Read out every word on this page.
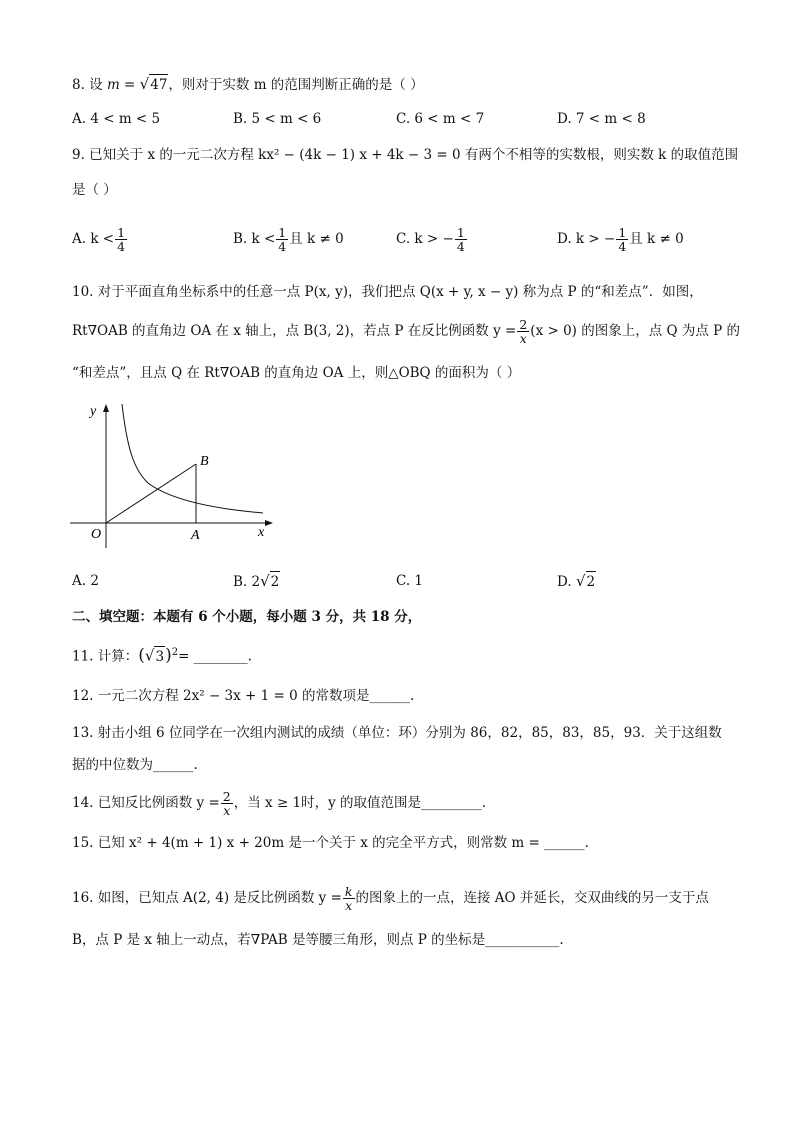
8. 设 m = √47，则对于实数 m 的范围判断正确的是（ ）
A. 4 < m < 5	B. 5 < m < 6	C. 6 < m < 7	D. 7 < m < 8
9. 已知关于 x 的一元二次方程 kx² − (4k − 1) x + 4k − 3 = 0 有两个不相等的实数根，则实数 k 的取值范围
是（ ）
A. $k < \frac{1}{4}$	B. $k < \frac{1}{4}$ 且 k ≠ 0	C. k > − $\frac{1}{4}$	D. k > − $\frac{1}{4}$ 且 k ≠ 0
10. 对于平面直角坐标系中的任意一点 P(x, y)，我们把点 Q(x + y, x − y) 称为点 P 的“和差点”．如图，
Rt∇OAB 的直角边 OA 在 x 轴上，点 B(3, 2)，若点 P 在反比例函数 $y = \frac{2}{x} (x > 0)$ 的图象上，点 Q 为点 P 的
“和差点”，且点 Q 在 Rt∇OAB 的直角边 OA 上，则△OBQ 的面积为（ ）
y
x
O	A
B
A. 2	B. 2√2	C. 1	D. √2
二、填空题：本题有 6 个小题，每小题 3 分，共 18 分，
11. 计算：$(√3)^2=$ ________.
12. 一元二次方程 2x² − 3x + 1 = 0 的常数项是______.
13. 射击小组 6 位同学在一次组内测试的成绩（单位：环）分别为 86，82，85，83，85，93．关于这组数
据的中位数为______.
14. 已知反比例函数 $y = \frac{2}{x}$ ，当 x ≥ 1时，y 的取值范围是_________.
15. 已知 x² + 4(m + 1) x + 20m 是一个关于 x 的完全平方式，则常数 m = ______.
16. 如图，已知点 A(2, 4) 是反比例函数 $y = \frac{k}{x}$ 的图象上的一点，连接 AO 并延长，交双曲线的另一支于点
B，点 P 是 x 轴上一动点，若∇PAB 是等腰三角形，则点 P 的坐标是___________.
